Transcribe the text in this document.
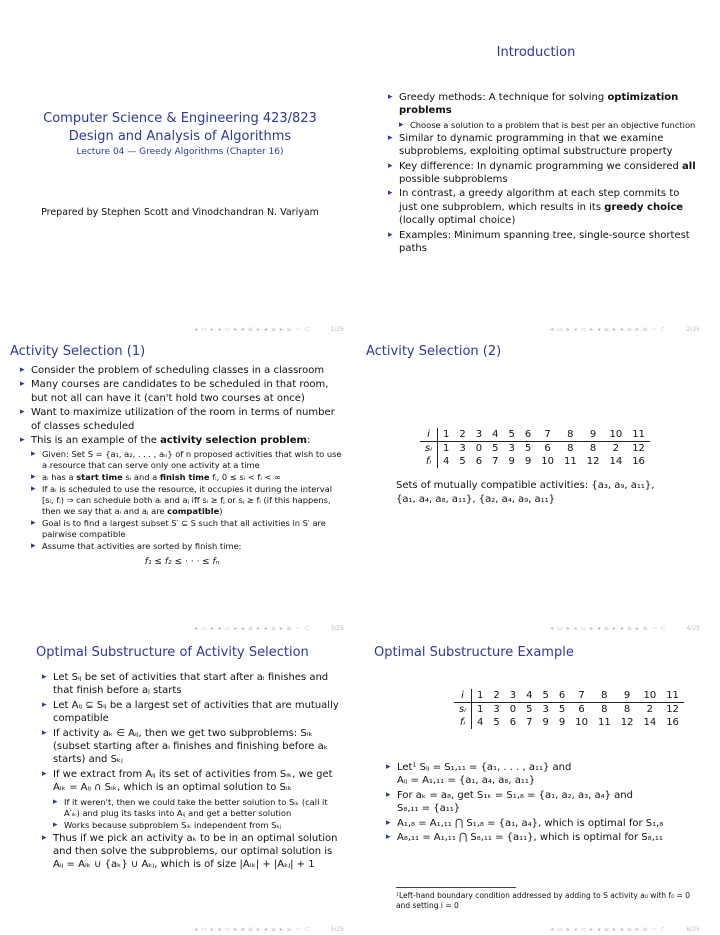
Computer Science & Engineering 423/823
Design and Analysis of Algorithms
Lecture 04 — Greedy Algorithms (Chapter 16)
Prepared by Stephen Scott and Vinodchandran N. Variyam
◂ ▭ ▸ ◂ ▭ ▸ ◂ ≡ ▸ ◂ ≡ ▸ ≡ ∽ ⊂	1/25
Introduction
▸ Greedy methods: A technique for solving optimization problems
▸ Choose a solution to a problem that is best per an objective function
▸ Similar to dynamic programming in that we examine subproblems, exploiting optimal substructure property
▸ Key difference: In dynamic programming we considered all possible subproblems
▸ In contrast, a greedy algorithm at each step commits to just one subproblem, which results in its greedy choice (locally optimal choice)
▸ Examples: Minimum spanning tree, single-source shortest paths
◂ ▭ ▸ ◂ ▭ ▸ ◂ ≡ ▸ ◂ ≡ ▸ ≡ ∽ ⊂	2/25
Activity Selection (1)
▸ Consider the problem of scheduling classes in a classroom
▸ Many courses are candidates to be scheduled in that room, but not all can have it (can't hold two courses at once)
▸ Want to maximize utilization of the room in terms of number of classes scheduled
▸ This is an example of the activity selection problem:
▸ Given: Set S = {a₁, a₂, . . . , aₙ} of n proposed activities that wish to use a resource that can serve only one activity at a time
▸ aᵢ has a start time sᵢ and a finish time fᵢ, 0 ≤ sᵢ < fᵢ < ∞
▸ If aᵢ is scheduled to use the resource, it occupies it during the interval [sᵢ, fᵢ) ⇒ can schedule both aᵢ and aⱼ iff sᵢ ≥ fⱼ or sⱼ ≥ fᵢ (if this happens, then we say that aᵢ and aⱼ are compatible)
▸ Goal is to find a largest subset S′ ⊆ S such that all activities in S′ are pairwise compatible
▸ Assume that activities are sorted by finish time:
f₁ ≤ f₂ ≤ · · · ≤ fₙ
◂ ▭ ▸ ◂ ▭ ▸ ◂ ≡ ▸ ◂ ≡ ▸ ≡ ∽ ⊂	3/25
Activity Selection (2)
i	1	2	3	4	5	6	7	8	9	10	11
sᵢ	1	3	0	5	3	5	6	8	8	2	12
fᵢ	4	5	6	7	9	9	10	11	12	14	16
Sets of mutually compatible activities: {a₃, a₉, a₁₁},
{a₁, a₄, a₈, a₁₁}, {a₂, a₄, a₉, a₁₁}
◂ ▭ ▸ ◂ ▭ ▸ ◂ ≡ ▸ ◂ ≡ ▸ ≡ ∽ ⊂	4/25
Optimal Substructure of Activity Selection
▸ Let Sᵢⱼ be set of activities that start after aᵢ finishes and that finish before aⱼ starts
▸ Let Aᵢⱼ ⊆ Sᵢⱼ be a largest set of activities that are mutually compatible
▸ If activity aₖ ∈ Aᵢⱼ, then we get two subproblems: Sᵢₖ (subset starting after aᵢ finishes and finishing before aₖ starts) and Sₖⱼ
▸ If we extract from Aᵢⱼ its set of activities from Sᵢₖ, we get Aᵢₖ = Aᵢⱼ ∩ Sᵢₖ, which is an optimal solution to Sᵢₖ
▸ If it weren't, then we could take the better solution to Sᵢₖ (call it A′ᵢₖ) and plug its tasks into Aᵢⱼ and get a better solution
▸ Works because subproblem Sᵢₖ independent from Sₖⱼ
▸ Thus if we pick an activity aₖ to be in an optimal solution and then solve the subproblems, our optimal solution is Aᵢⱼ = Aᵢₖ ∪ {aₖ} ∪ Aₖⱼ, which is of size |Aᵢₖ| + |Aₖⱼ| + 1
◂ ▭ ▸ ◂ ▭ ▸ ◂ ≡ ▸ ◂ ≡ ▸ ≡ ∽ ⊂	5/25
Optimal Substructure Example
i	1	2	3	4	5	6	7	8	9	10	11
sᵢ	1	3	0	5	3	5	6	8	8	2	12
fᵢ	4	5	6	7	9	9	10	11	12	14	16
▸ Let¹ Sᵢⱼ = S₁,₁₁ = {a₁, . . . , a₁₁} and
Aᵢⱼ = A₁,₁₁ = {a₁, a₄, a₈, a₁₁}
▸ For aₖ = a₈, get S₁ₖ = S₁,₈ = {a₁, a₂, a₃, a₄} and
S₈,₁₁ = {a₁₁}
▸ A₁,₈ = A₁,₁₁ ⋂ S₁,₈ = {a₁, a₄}, which is optimal for S₁,₈
▸ A₈,₁₁ = A₁,₁₁ ⋂ S₈,₁₁ = {a₁₁}, which is optimal for S₈,₁₁
¹Left-hand boundary condition addressed by adding to S activity a₀ with f₀ = 0 and setting i = 0
◂ ▭ ▸ ◂ ▭ ▸ ◂ ≡ ▸ ◂ ≡ ▸ ≡ ∽ ⊂	6/25
